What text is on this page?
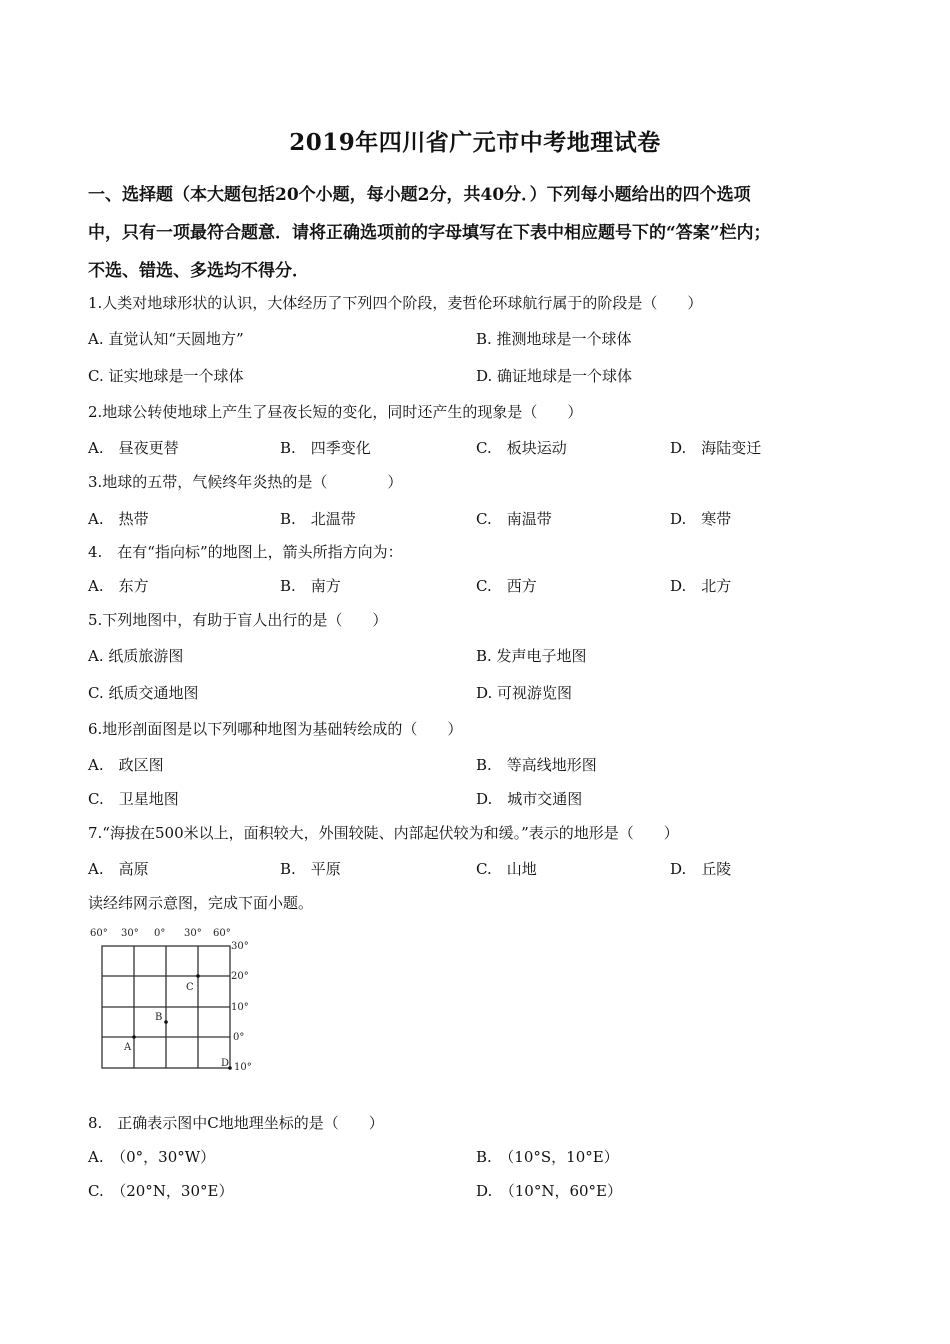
2019年四川省广元市中考地理试卷
一、选择题（本大题包括20个小题，每小题2分，共40分．）下列每小题给出的四个选项
中，只有一项最符合题意．请将正确选项前的字母填写在下表中相应题号下的“答案”栏内；
不选、错选、多选均不得分．
1.人类对地球形状的认识，大体经历了下列四个阶段，麦哲伦环球航行属于的阶段是（　　）
A. 直觉认知“天圆地方”	B. 推测地球是一个球体
C. 证实地球是一个球体	D. 确证地球是一个球体
2.地球公转使地球上产生了昼夜长短的变化，同时还产生的现象是（　　）
A.　昼夜更替	B.　四季变化	C.　板块运动	D.　海陆变迁
3.地球的五带，气候终年炎热的是（　　　　）
A.　热带	B.　北温带	C.　南温带	D.　寒带
4.　在有“指向标”的地图上，箭头所指方向为：
A.　东方	B.　南方	C.　西方	D.　北方
5.下列地图中，有助于盲人出行的是（　　）
A. 纸质旅游图	B. 发声电子地图
C. 纸质交通地图	D. 可视游览图
6.地形剖面图是以下列哪种地图为基础转绘成的（　　）
A.　政区图	B.　等高线地形图
C.　卫星地图	D.　城市交通图
7.“海拔在500米以上，面积较大，外围较陡、内部起伏较为和缓。”表示的地形是（　　）
A.　高原	B.　平原	C.　山地	D.　丘陵
读经纬网示意图，完成下面小题。
60° 30° 0° 30° 60°
30°
20°
10°
0°
10°
A
B
C
D
8.　正确表示图中C地地理坐标的是（　　）
A.　（0°，30°W）	B.　（10°S，10°E）
C.　（20°N，30°E）	D.　（10°N，60°E）
